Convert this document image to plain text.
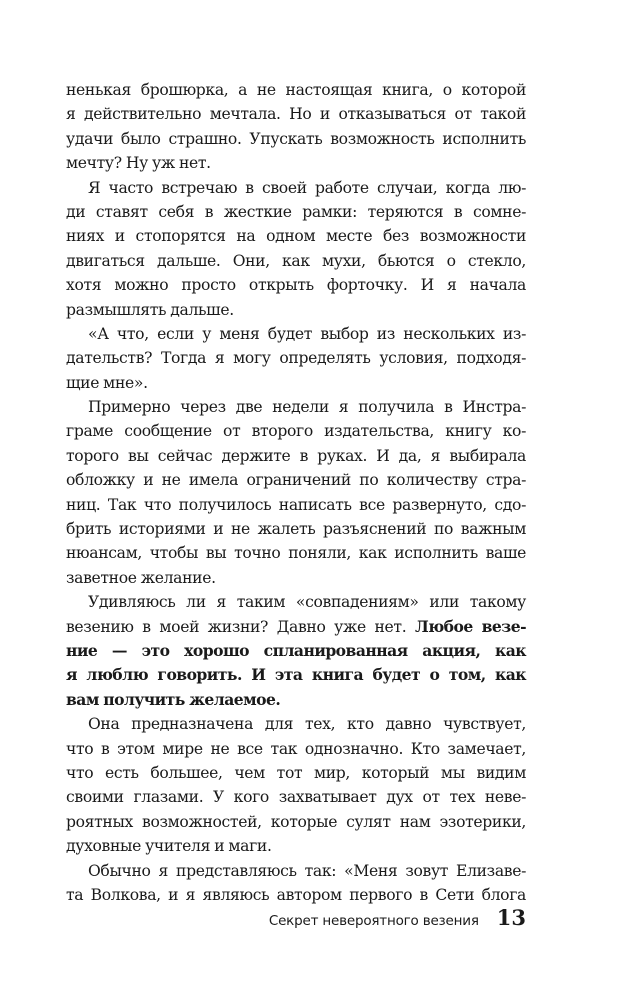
ненькая брошюрка, а не настоящая книга, о которой
я действительно мечтала. Но и отказываться от такой
удачи было страшно. Упускать возможность исполнить
мечту? Ну уж нет.
Я часто встречаю в своей работе случаи, когда лю-
ди ставят себя в жесткие рамки: теряются в сомне-
ниях и стопорятся на одном месте без возможности
двигаться дальше. Они, как мухи, бьются о стекло,
хотя можно просто открыть форточку. И я начала
размышлять дальше.
«А что, если у меня будет выбор из нескольких из-
дательств? Тогда я могу определять условия, подходя-
щие мне».
Примерно через две недели я получила в Инстра-
граме сообщение от второго издательства, книгу ко-
торого вы сейчас держите в руках. И да, я выбирала
обложку и не имела ограничений по количеству стра-
ниц. Так что получилось написать все развернуто, сдо-
брить историями и не жалеть разъяснений по важным
нюансам, чтобы вы точно поняли, как исполнить ваше
заветное желание.
Удивляюсь ли я таким «совпадениям» или такому
везению в моей жизни? Давно уже нет. Любое везе-
ние — это хорошо спланированная акция, как
я люблю говорить. И эта книга будет о том, как
вам получить желаемое.
Она предназначена для тех, кто давно чувствует,
что в этом мире не все так однозначно. Кто замечает,
что есть большее, чем тот мир, который мы видим
своими глазами. У кого захватывает дух от тех неве-
роятных возможностей, которые сулят нам эзотерики,
духовные учителя и маги.
Обычно я представляюсь так: «Меня зовут Елизаве-
та Волкова, и я являюсь автором первого в Сети блога
Секрет невероятного везения 13
